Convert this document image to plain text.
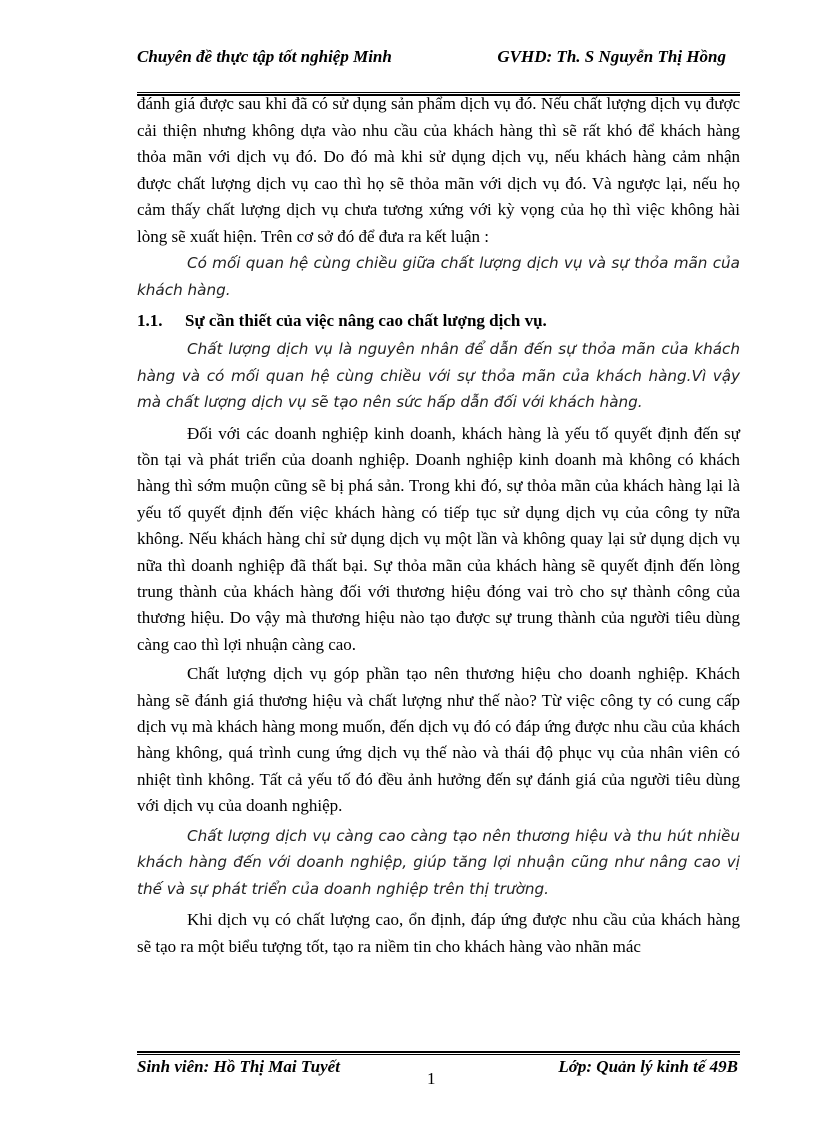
Chuyên đề thực tập tốt nghiệp Minh	GVHD: Th. S Nguyễn Thị Hồng

đánh giá được sau khi đã có sử dụng sản phẩm dịch vụ đó. Nếu chất lượng dịch vụ được cải thiện nhưng không dựa vào nhu cầu của khách hàng thì sẽ rất khó để khách hàng thỏa mãn với dịch vụ đó. Do đó mà khi sử dụng dịch vụ, nếu khách hàng cảm nhận được chất lượng dịch vụ cao thì họ sẽ thỏa mãn với dịch vụ đó. Và ngược lại, nếu họ cảm thấy chất lượng dịch vụ chưa tương xứng với kỳ vọng của họ thì việc không hài lòng sẽ xuất hiện. Trên cơ sở đó để đưa ra kết luận :

Có mối quan hệ cùng chiều giữa chất lượng dịch vụ và sự thỏa mãn của khách hàng.

1.1. Sự cần thiết của việc nâng cao chất lượng dịch vụ.

Chất lượng dịch vụ là nguyên nhân để dẫn đến sự thỏa mãn của khách hàng và có mối quan hệ cùng chiều với sự thỏa mãn của khách hàng.Vì vậy mà chất lượng dịch vụ sẽ tạo nên sức hấp dẫn đối với khách hàng.

Đối với các doanh nghiệp kinh doanh, khách hàng là yếu tố quyết định đến sự tồn tại và phát triển của doanh nghiệp. Doanh nghiệp kinh doanh mà không có khách hàng thì sớm muộn cũng sẽ bị phá sản. Trong khi đó, sự thỏa mãn của khách hàng lại là yếu tố quyết định đến việc khách hàng có tiếp tục sử dụng dịch vụ của công ty nữa không. Nếu khách hàng chỉ sử dụng dịch vụ một lần và không quay lại sử dụng dịch vụ nữa thì doanh nghiệp đã thất bại. Sự thỏa mãn của khách hàng sẽ quyết định đến lòng trung thành của khách hàng đối với thương hiệu đóng vai trò cho sự thành công của thương hiệu. Do vậy mà thương hiệu nào tạo được sự trung thành của người tiêu dùng càng cao thì lợi nhuận càng cao.

Chất lượng dịch vụ góp phần tạo nên thương hiệu cho doanh nghiệp. Khách hàng sẽ đánh giá thương hiệu và chất lượng như thế nào? Từ việc công ty có cung cấp dịch vụ mà khách hàng mong muốn, đến dịch vụ đó có đáp ứng được nhu cầu của khách hàng không, quá trình cung ứng dịch vụ thế nào và thái độ phục vụ của nhân viên có nhiệt tình không. Tất cả yếu tố đó đều ảnh hưởng đến sự đánh giá của người tiêu dùng với dịch vụ của doanh nghiệp.

Chất lượng dịch vụ càng cao càng tạo nên thương hiệu và thu hút nhiều khách hàng đến với doanh nghiệp, giúp tăng lợi nhuận cũng như nâng cao vị thế và sự phát triển của doanh nghiệp trên thị trường.

Khi dịch vụ có chất lượng cao, ổn định, đáp ứng được nhu cầu của khách hàng sẽ tạo ra một biểu tượng tốt, tạo ra niềm tin cho khách hàng vào nhãn mác

Sinh viên: Hồ Thị Mai Tuyết
1
Lớp: Quản lý kinh tế 49B
